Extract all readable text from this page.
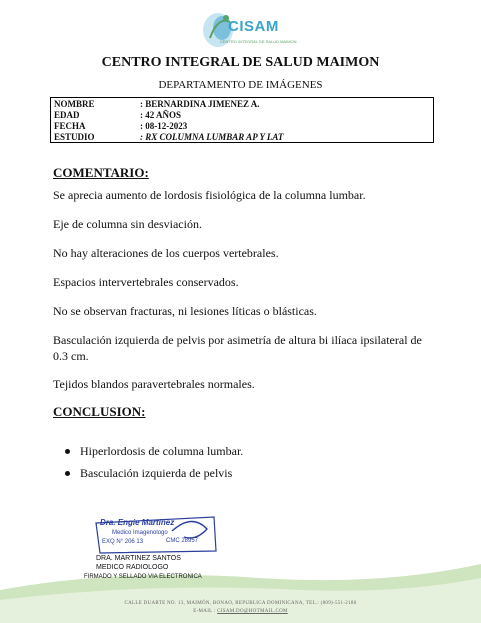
CISAM
CENTRO INTEGRAL DE SALUD MAIMON
CENTRO INTEGRAL DE SALUD MAIMON
DEPARTAMENTO DE IMÁGENES
NOMBRE	: BERNARDINA JIMENEZ A.
EDAD	: 42 AÑOS
FECHA	: 08-12-2023
ESTUDIO	: RX COLUMNA LUMBAR AP Y LAT
COMENTARIO:
Se aprecia aumento de lordosis fisiológica de la columna lumbar.
Eje de columna sin desviación.
No hay alteraciones de los cuerpos vertebrales.
Espacios intervertebrales conservados.
No se observan fracturas, ni lesiones líticas o blásticas.
Basculación izquierda de pelvis por asimetría de altura bi ilíaca ipsilateral de 0.3 cm.
Tejidos blandos paravertebrales normales.
CONCLUSION:
Hiperlordosis de columna lumbar.
Basculación izquierda de pelvis
Dra. Engie Martinez
Medico Imagenologo
EXQ N° 206 13	CMC 28957
DRA. MARTINEZ SANTOS
MEDICO RADIOLOGO
FIRMADO Y SELLADO VIA ELECTRONICA
CALLE DUARTE NO. 13, MAIMÓN, BONAO, REPUBLICA DOMINICANA, TEL.: (809)-551-2186
E-MAIL : CISAM.DO@HOTMAIL.COM
